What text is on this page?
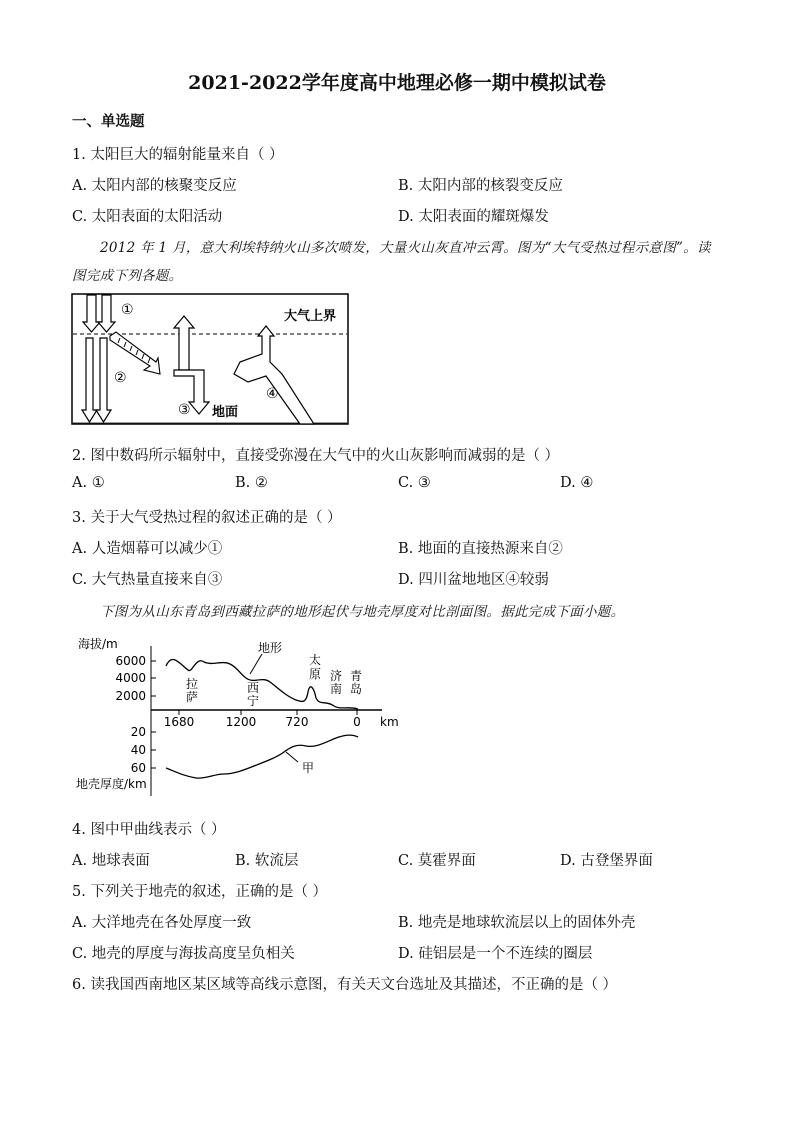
2021-2022学年度高中地理必修一期中模拟试卷
一、单选题
1. 太阳巨大的辐射能量来自（ ）
A. 太阳内部的核聚变反应	B. 太阳内部的核裂变反应
C. 太阳表面的太阳活动	D. 太阳表面的耀斑爆发
2012 年 1 月，意大利埃特纳火山多次喷发，大量火山灰直冲云霄。图为“大气受热过程示意图”。读
图完成下列各题。
①
②
③
④
大气上界
地面
2. 图中数码所示辐射中，直接受弥漫在大气中的火山灰影响而减弱的是（ ）
A. ①	B. ②	C. ③	D. ④
3. 关于大气受热过程的叙述正确的是（ ）
A. 人造烟幕可以减少①	B. 地面的直接热源来自②
C. 大气热量直接来自③	D. 四川盆地地区④较弱
下图为从山东青岛到西藏拉萨的地形起伏与地壳厚度对比剖面图。据此完成下面小题。
海拔/m
6000
4000
2000
1680	1200 720	0 km
地形
拉
萨
西
宁
太
原 济
南
青
岛
20
40
60
地壳厚度/km
甲
4. 图中甲曲线表示（ ）
A. 地球表面	B. 软流层	C. 莫霍界面	D. 古登堡界面
5. 下列关于地壳的叙述，正确的是（ ）
A. 大洋地壳在各处厚度一致	B. 地壳是地球软流层以上的固体外壳
C. 地壳的厚度与海拔高度呈负相关	D. 硅铝层是一个不连续的圈层
6. 读我国西南地区某区域等高线示意图，有关天文台选址及其描述，不正确的是（ ）
